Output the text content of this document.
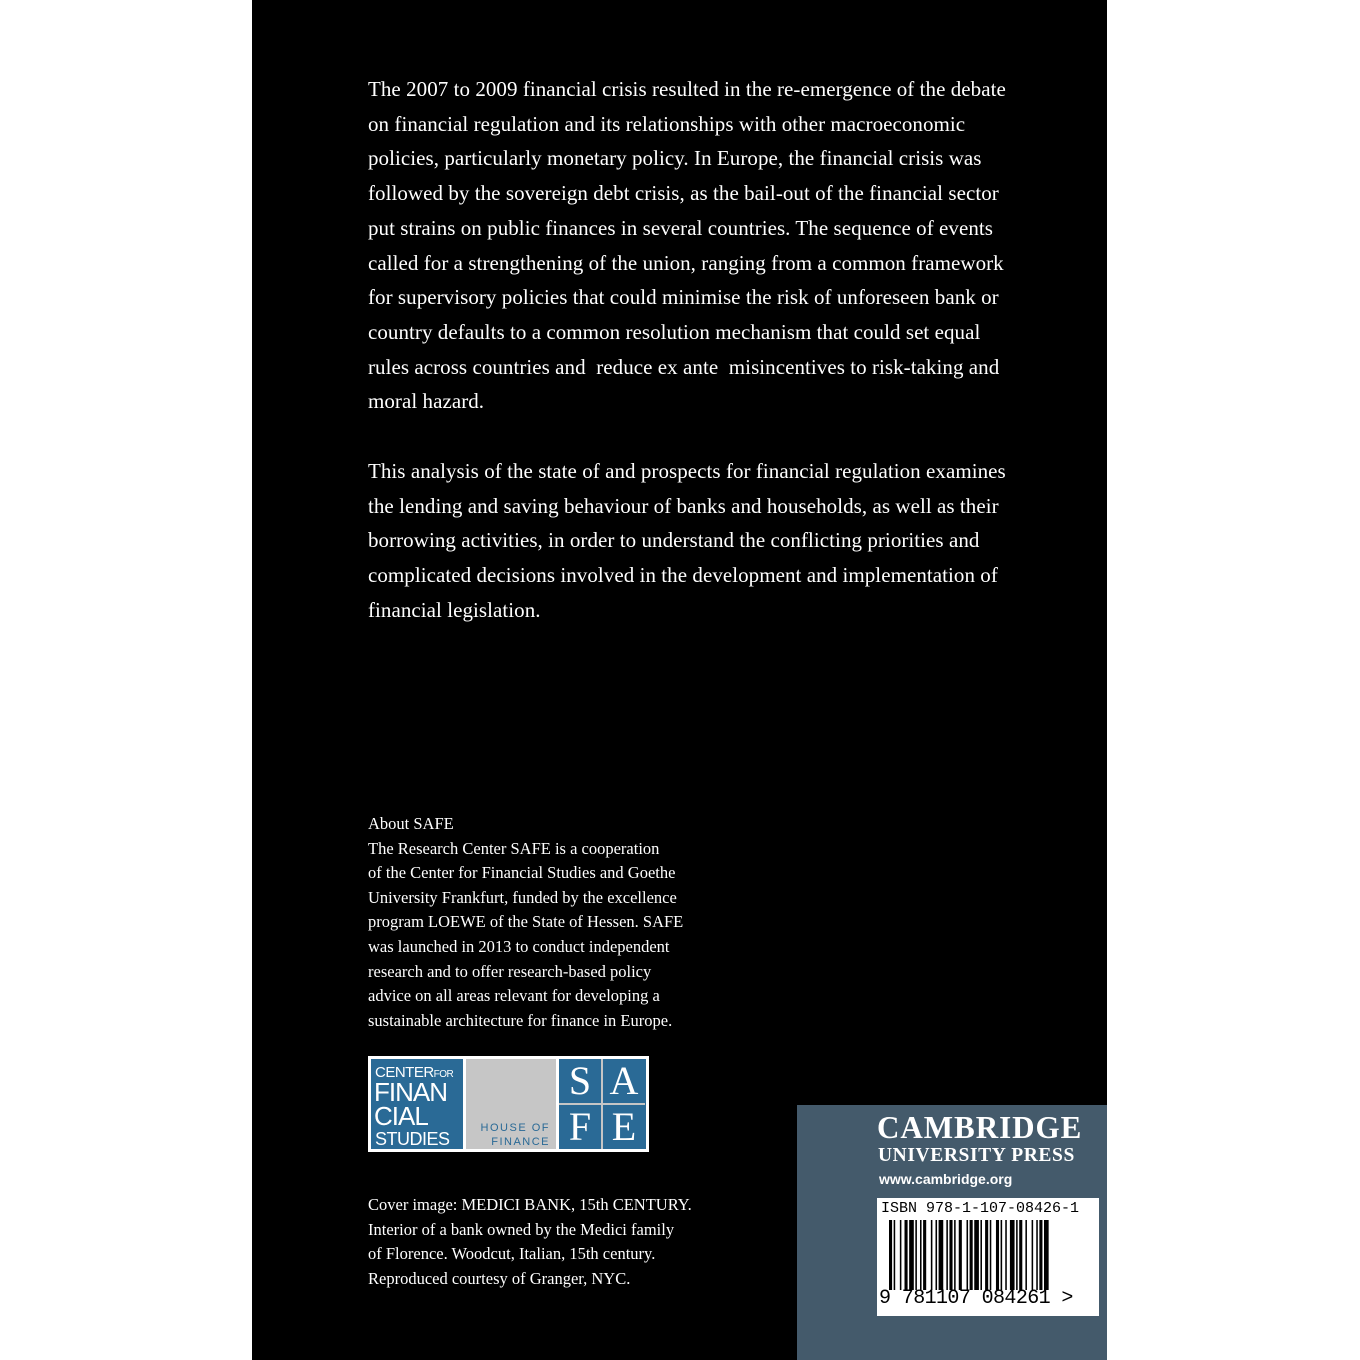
The 2007 to 2009 financial crisis resulted in the re-emergence of the debate
on financial regulation and its relationships with other macroeconomic
policies, particularly monetary policy. In Europe, the financial crisis was
followed by the sovereign debt crisis, as the bail-out of the financial sector
put strains on public finances in several countries. The sequence of events
called for a strengthening of the union, ranging from a common framework
for supervisory policies that could minimise the risk of unforeseen bank or
country defaults to a common resolution mechanism that could set equal
rules across countries and  reduce ex ante  misincentives to risk-taking and
moral hazard.
This analysis of the state of and prospects for financial regulation examines
the lending and saving behaviour of banks and households, as well as their
borrowing activities, in order to understand the conflicting priorities and
complicated decisions involved in the development and implementation of
financial legislation.
About SAFE
The Research Center SAFE is a cooperation
of the Center for Financial Studies and Goethe
University Frankfurt, funded by the excellence
program LOEWE of the State of Hessen. SAFE
was launched in 2013 to conduct independent
research and to offer research-based policy
advice on all areas relevant for developing a
sustainable architecture for finance in Europe.
CENTERFOR
FINAN
CIAL
STUDIES
HOUSE OF
FINANCE
S A
F E
Cover image: MEDICI BANK, 15th CENTURY.
Interior of a bank owned by the Medici family
of Florence. Woodcut, Italian, 15th century.
Reproduced courtesy of Granger, NYC.
CAMBRIDGE
UNIVERSITY PRESS
www.cambridge.org
ISBN 978-1-107-08426-1
9 781107 084261 >
